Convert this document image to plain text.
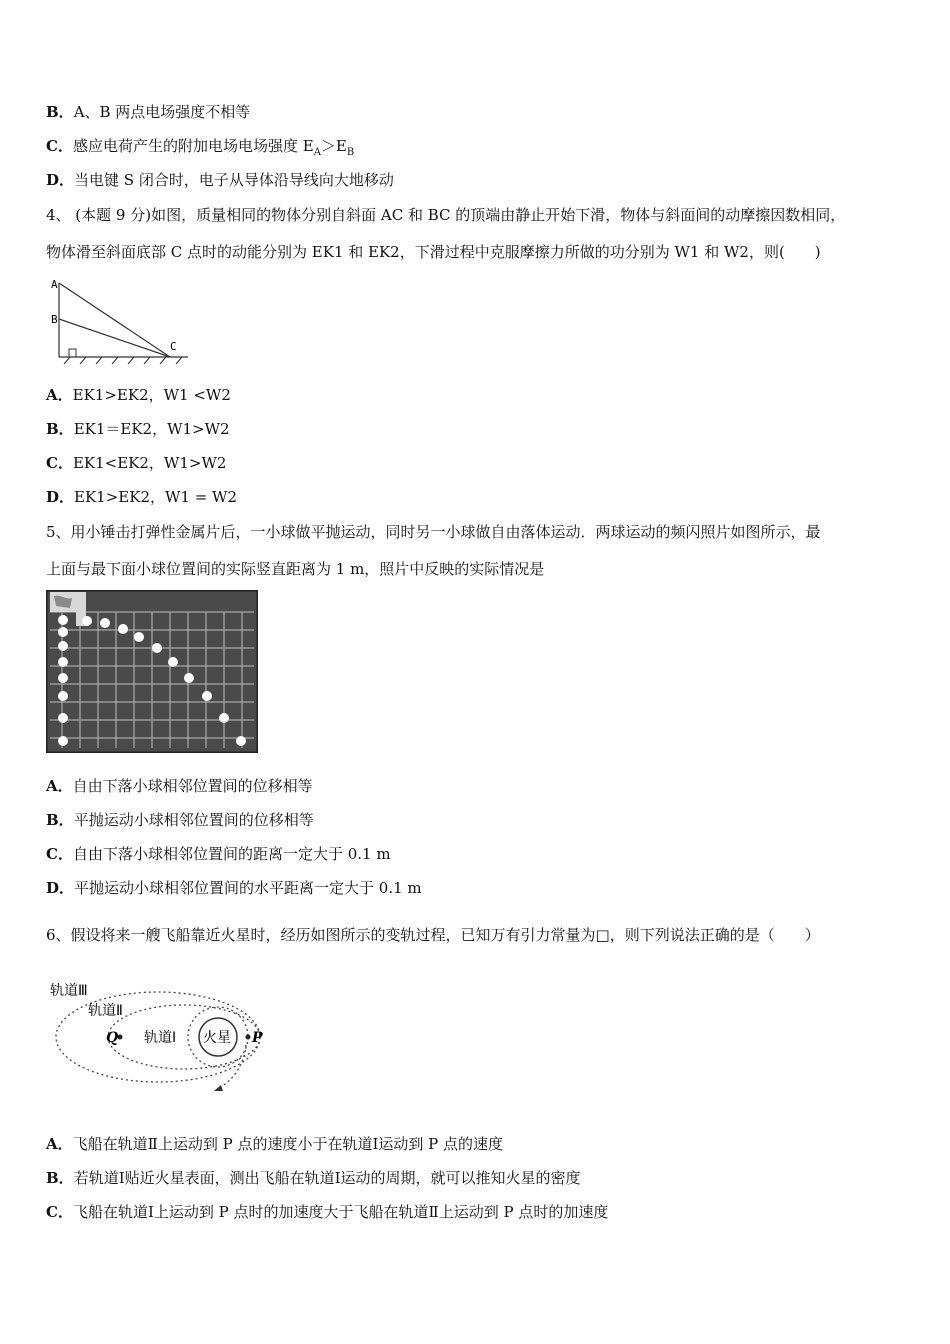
B．A、B 两点电场强度不相等
C．感应电荷产生的附加电场电场强度 $E_A>E_B$
D．当电键 S 闭合时，电子从导体沿导线向大地移动
4、 (本题 9 分)如图，质量相同的物体分别自斜面 AC 和 BC 的顶端由静止开始下滑，物体与斜面间的动摩擦因数相同，
物体滑至斜面底部 C 点时的动能分别为 EK1 和 EK2，下滑过程中克服摩擦力所做的功分别为 W1 和 W2，则(　　)
A
B
C
A．EK1>EK2，W1 <W2
B．EK1＝EK2，W1>W2
C．EK1<EK2，W1>W2
D．EK1>EK2，W1 = W2
5、用小锤击打弹性金属片后，一小球做平抛运动，同时另一小球做自由落体运动．两球运动的频闪照片如图所示，最
上面与最下面小球位置间的实际竖直距离为 1 m，照片中反映的实际情况是
A．自由下落小球相邻位置间的位移相等
B．平抛运动小球相邻位置间的位移相等
C．自由下落小球相邻位置间的距离一定大于 0.1 m
D．平抛运动小球相邻位置间的水平距离一定大于 0.1 m
6、假设将来一艘飞船靠近火星时，经历如图所示的变轨过程，已知万有引力常量为□，则下列说法正确的是（　　）
轨道Ⅲ
轨道Ⅱ
轨道Ⅰ 火星
Q	P
A．飞船在轨道Ⅱ上运动到 P 点的速度小于在轨道Ⅰ运动到 P 点的速度
B．若轨道Ⅰ贴近火星表面，测出飞船在轨道Ⅰ运动的周期，就可以推知火星的密度
C．飞船在轨道Ⅰ上运动到 P 点时的加速度大于飞船在轨道Ⅱ上运动到 P 点时的加速度
